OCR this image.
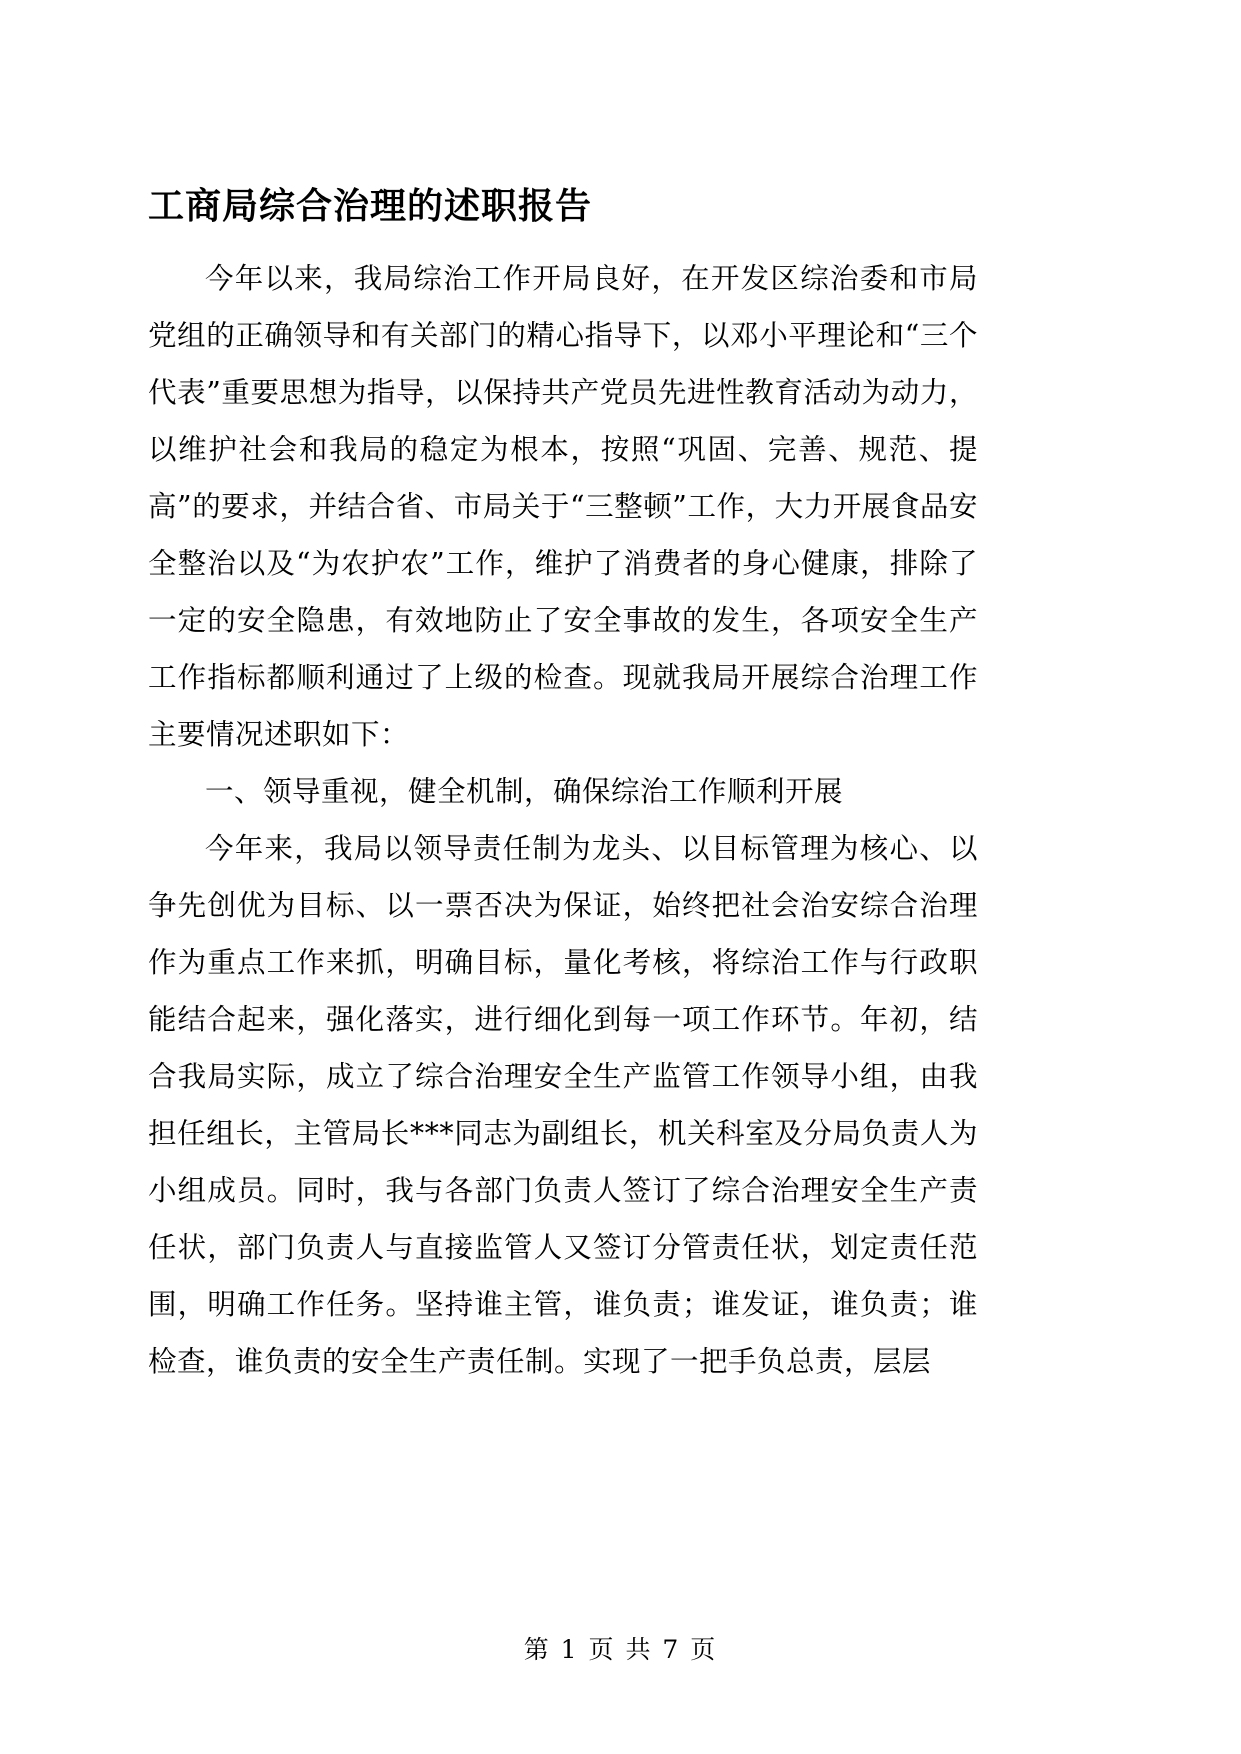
工商局综合治理的述职报告

今年以来，我局综治工作开局良好，在开发区综治委和市局党组的正确领导和有关部门的精心指导下，以邓小平理论和“三个代表”重要思想为指导，以保持共产党员先进性教育活动为动力，以维护社会和我局的稳定为根本，按照“巩固、完善、规范、提高”的要求，并结合省、市局关于“三整顿”工作，大力开展食品安全整治以及“为农护农”工作，维护了消费者的身心健康，排除了一定的安全隐患，有效地防止了安全事故的发生，各项安全生产工作指标都顺利通过了上级的检查。现就我局开展综合治理工作主要情况述职如下：

一、领导重视，健全机制，确保综治工作顺利开展

今年来，我局以领导责任制为龙头、以目标管理为核心、以争先创优为目标、以一票否决为保证，始终把社会治安综合治理作为重点工作来抓，明确目标，量化考核，将综治工作与行政职能结合起来，强化落实，进行细化到每一项工作环节。年初，结合我局实际，成立了综合治理安全生产监管工作领导小组，由我担任组长，主管局长***同志为副组长，机关科室及分局负责人为小组成员。同时，我与各部门负责人签订了综合治理安全生产责任状，部门负责人与直接监管人又签订分管责任状，划定责任范围，明确工作任务。坚持谁主管，谁负责；谁发证，谁负责；谁检查，谁负责的安全生产责任制。实现了一把手负总责，层层

第 1 页 共 7 页
